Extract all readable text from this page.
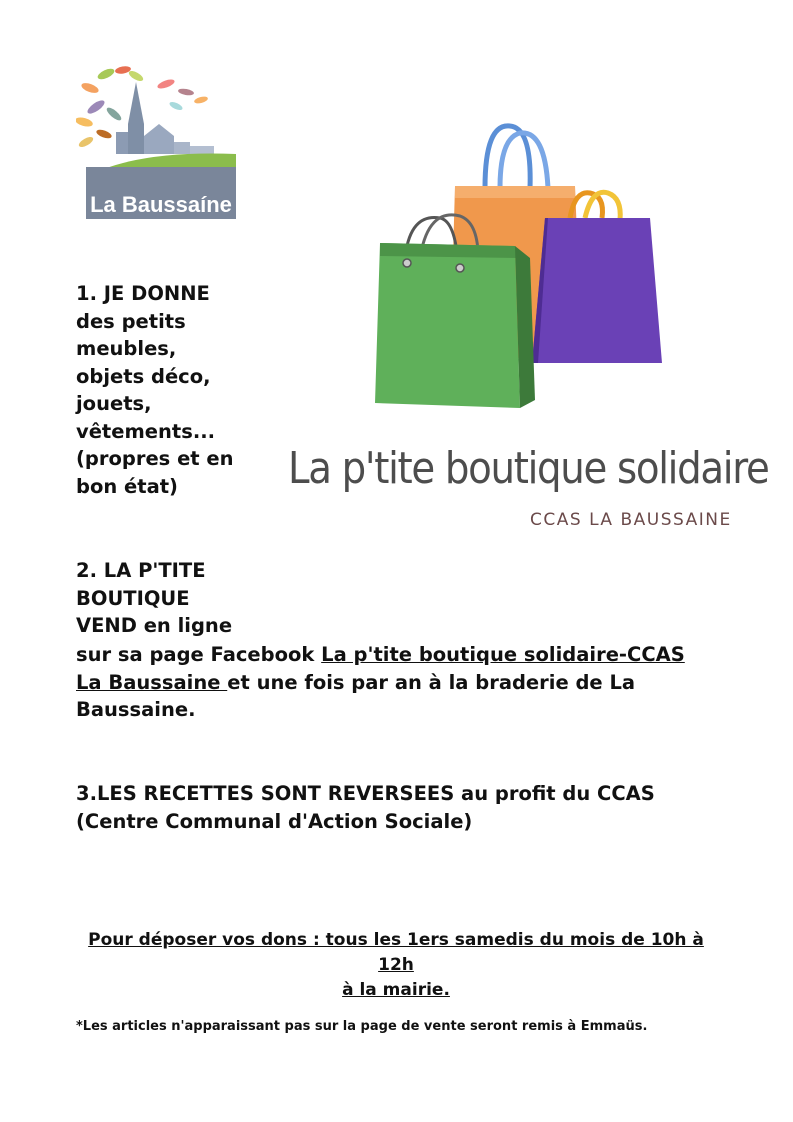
La Baussaíne
La p'tite boutique solidaire
CCAS LA BAUSSAINE
1. JE DONNE
des petits
meubles,
objets déco,
jouets,
vêtements...
(propres et en
bon état)
2. LA P'TITE
BOUTIQUE
VEND en ligne
sur sa page Facebook La p'tite boutique solidaire-CCAS
La Baussaine et une fois par an à la braderie de La
Baussaine.
3.LES RECETTES SONT REVERSEES au profit du CCAS
(Centre Communal d'Action Sociale)
Pour déposer vos dons : tous les 1ers samedis du mois de 10h à 12h
à la mairie.
*Les articles n'apparaissant pas sur la page de vente seront remis à Emmaüs.
